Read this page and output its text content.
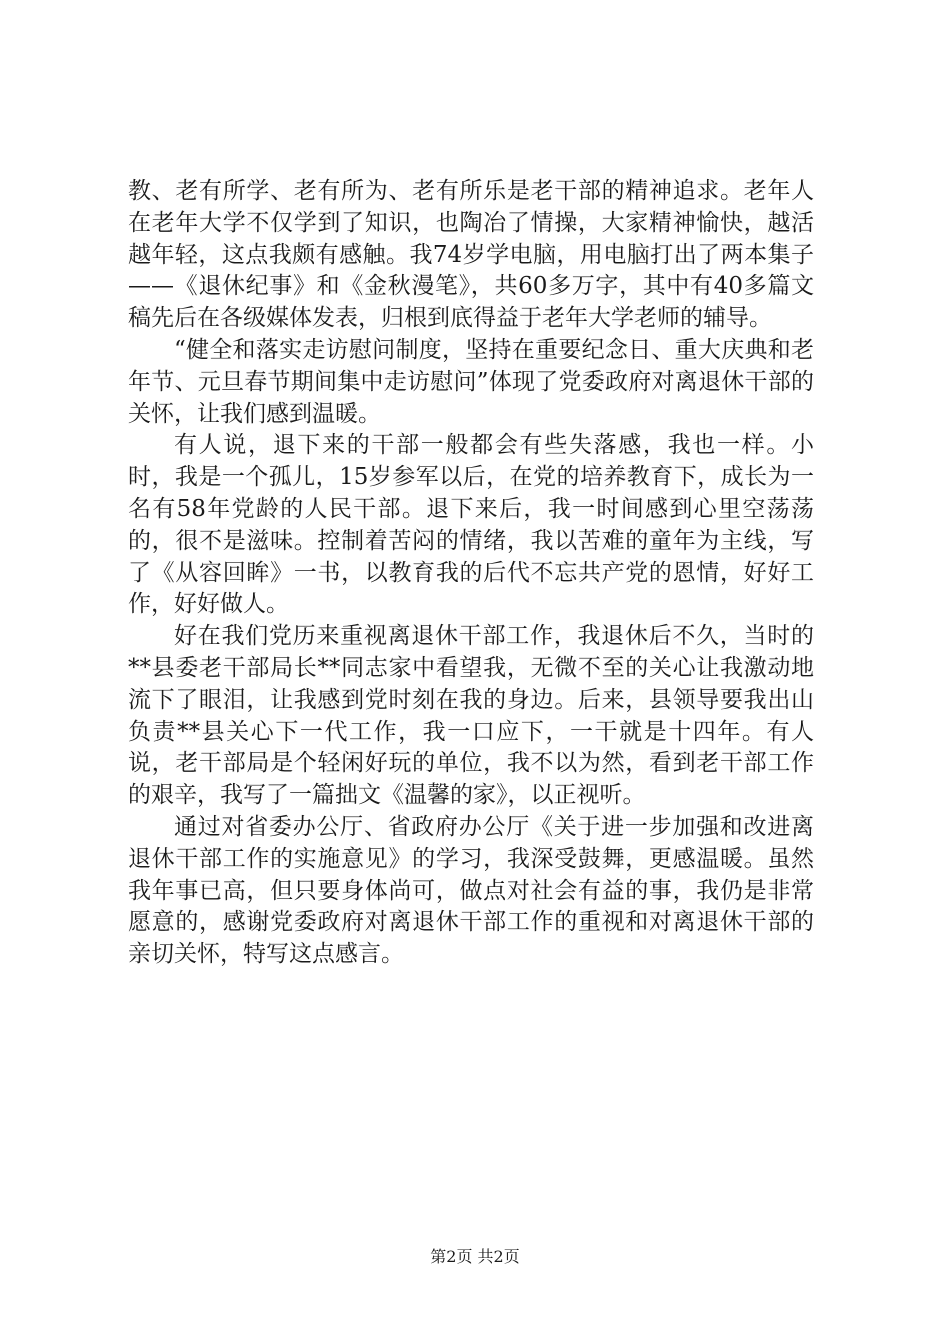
教、老有所学、老有所为、老有所乐是老干部的精神追求。老年人在老年大学不仅学到了知识，也陶冶了情操，大家精神愉快，越活越年轻，这点我颇有感触。我74岁学电脑，用电脑打出了两本集子——《退休纪事》和《金秋漫笔》，共60多万字，其中有40多篇文稿先后在各级媒体发表，归根到底得益于老年大学老师的辅导。

“健全和落实走访慰问制度，坚持在重要纪念日、重大庆典和老年节、元旦春节期间集中走访慰问”体现了党委政府对离退休干部的关怀，让我们感到温暖。

有人说，退下来的干部一般都会有些失落感，我也一样。小时，我是一个孤儿，15岁参军以后，在党的培养教育下，成长为一名有58年党龄的人民干部。退下来后，我一时间感到心里空荡荡的，很不是滋味。控制着苦闷的情绪，我以苦难的童年为主线，写了《从容回眸》一书，以教育我的后代不忘共产党的恩情，好好工作，好好做人。

好在我们党历来重视离退休干部工作，我退休后不久，当时的**县委老干部局长**同志家中看望我，无微不至的关心让我激动地流下了眼泪，让我感到党时刻在我的身边。后来，县领导要我出山负责**县关心下一代工作，我一口应下，一干就是十四年。有人说，老干部局是个轻闲好玩的单位，我不以为然，看到老干部工作的艰辛，我写了一篇拙文《温馨的家》，以正视听。

通过对省委办公厅、省政府办公厅《关于进一步加强和改进离退休干部工作的实施意见》的学习，我深受鼓舞，更感温暖。虽然我年事已高，但只要身体尚可，做点对社会有益的事，我仍是非常愿意的，感谢党委政府对离退休干部工作的重视和对离退休干部的亲切关怀，特写这点感言。

第2页 共2页
